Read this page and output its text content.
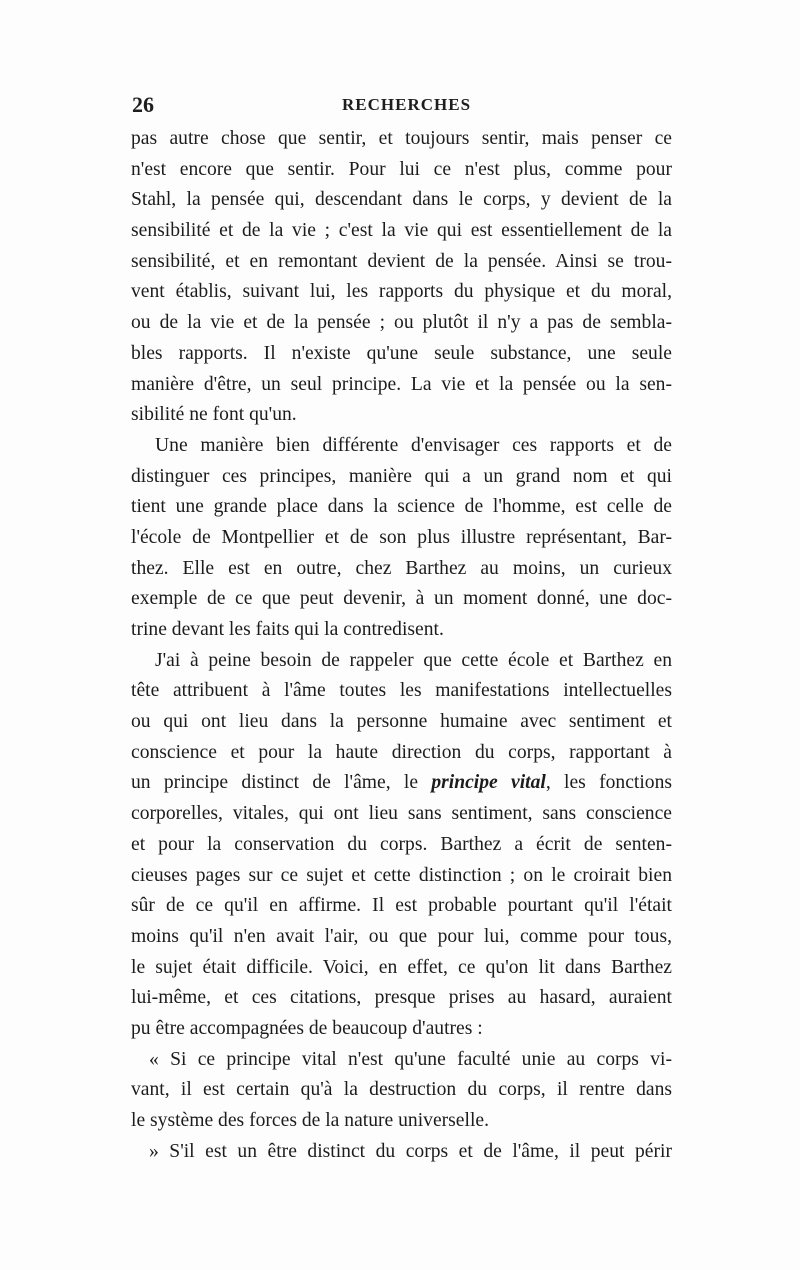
26	RECHERCHES
pas autre chose que sentir, et toujours sentir, mais penser ce
n'est encore que sentir. Pour lui ce n'est plus, comme pour
Stahl, la pensée qui, descendant dans le corps, y devient de la
sensibilité et de la vie ; c'est la vie qui est essentiellement de la
sensibilité, et en remontant devient de la pensée. Ainsi se trou-
vent établis, suivant lui, les rapports du physique et du moral,
ou de la vie et de la pensée ; ou plutôt il n'y a pas de sembla-
bles rapports. Il n'existe qu'une seule substance, une seule
manière d'être, un seul principe. La vie et la pensée ou la sen-
sibilité ne font qu'un.
Une manière bien différente d'envisager ces rapports et de
distinguer ces principes, manière qui a un grand nom et qui
tient une grande place dans la science de l'homme, est celle de
l'école de Montpellier et de son plus illustre représentant, Bar-
thez. Elle est en outre, chez Barthez au moins, un curieux
exemple de ce que peut devenir, à un moment donné, une doc-
trine devant les faits qui la contredisent.
J'ai à peine besoin de rappeler que cette école et Barthez en
tête attribuent à l'âme toutes les manifestations intellectuelles
ou qui ont lieu dans la personne humaine avec sentiment et
conscience et pour la haute direction du corps, rapportant à
un principe distinct de l'âme, le principe vital, les fonctions
corporelles, vitales, qui ont lieu sans sentiment, sans conscience
et pour la conservation du corps. Barthez a écrit de senten-
cieuses pages sur ce sujet et cette distinction ; on le croirait bien
sûr de ce qu'il en affirme. Il est probable pourtant qu'il l'était
moins qu'il n'en avait l'air, ou que pour lui, comme pour tous,
le sujet était difficile. Voici, en effet, ce qu'on lit dans Barthez
lui-même, et ces citations, presque prises au hasard, auraient
pu être accompagnées de beaucoup d'autres :
« Si ce principe vital n'est qu'une faculté unie au corps vi-
vant, il est certain qu'à la destruction du corps, il rentre dans
le système des forces de la nature universelle.
» S'il est un être distinct du corps et de l'âme, il peut périr
